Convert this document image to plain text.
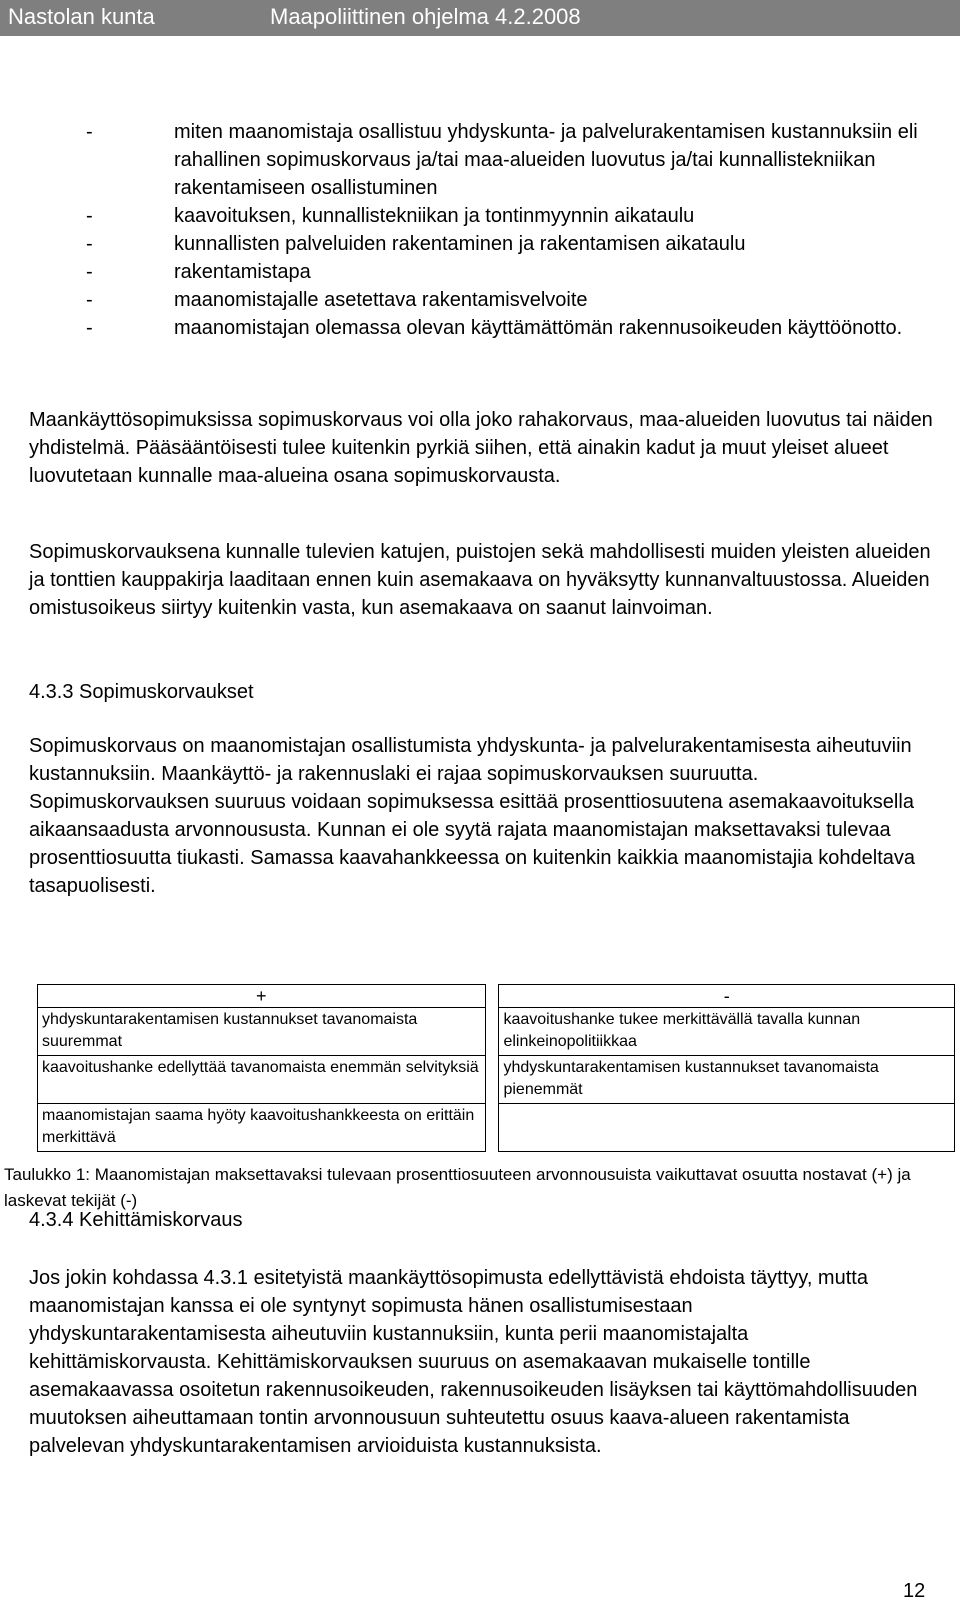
Nastolan kunta	Maapoliittinen ohjelma 4.2.2008
-	miten maanomistaja osallistuu yhdyskunta- ja palvelurakentamisen kustannuksiin eli rahallinen sopimuskorvaus ja/tai maa-alueiden luovutus ja/tai kunnallistekniikan rakentamiseen osallistuminen
-	kaavoituksen, kunnallistekniikan ja tontinmyynnin aikataulu
-	kunnallisten palveluiden rakentaminen ja rakentamisen aikataulu
-	rakentamistapa
-	maanomistajalle asetettava rakentamisvelvoite
-	maanomistajan olemassa olevan käyttämättömän rakennusoikeuden käyttöönotto.

Maankäyttösopimuksissa sopimuskorvaus voi olla joko rahakorvaus, maa-alueiden luovutus tai näiden yhdistelmä. Pääsääntöisesti tulee kuitenkin pyrkiä siihen, että ainakin kadut ja muut yleiset alueet luovutetaan kunnalle maa-alueina osana sopimuskorvausta.

Sopimuskorvauksena kunnalle tulevien katujen, puistojen sekä mahdollisesti muiden yleisten alueiden ja tonttien kauppakirja laaditaan ennen kuin asemakaava on hyväksytty kunnanvaltuustossa. Alueiden omistusoikeus siirtyy kuitenkin vasta, kun asemakaava on saanut lainvoiman.

4.3.3 Sopimuskorvaukset

Sopimuskorvaus on maanomistajan osallistumista yhdyskunta- ja palvelurakentamisesta aiheutuviin kustannuksiin. Maankäyttö- ja rakennuslaki ei rajaa sopimuskorvauksen suuruutta. Sopimuskorvauksen suuruus voidaan sopimuksessa esittää prosenttiosuutena asemakaavoituksella aikaansaadusta arvonnousustа. Kunnan ei ole syytä rajata maanomistajan maksettavaksi tulevaa prosenttiosuutta tiukasti. Samassa kaavahankkeessa on kuitenkin kaikkia maanomistajia kohdeltava tasapuolisesti.

+		-
yhdyskuntarakentamisen kustannukset tavanomaista suuremmat		kaavoitushanke tukee merkittävällä tavalla kunnan elinkeinopolitiikkaa
kaavoitushanke edellyttää tavanomaista enemmän selvityksiä		yhdyskuntarakentamisen kustannukset tavanomaista pienemmät
maanomistajan saama hyöty kaavoitushankkeesta on erittäin merkittävä		

Taulukko 1: Maanomistajan maksettavaksi tulevaan prosenttiosuuteen arvonnousuista vaikuttavat osuutta nostavat (+) ja laskevat tekijät (-)

4.3.4 Kehittämiskorvaus

Jos jokin kohdassa 4.3.1 esitetyistä maankäyttösopimusta edellyttävistä ehdoista täyttyy, mutta maanomistajan kanssa ei ole syntynyt sopimusta hänen osallistumisestaan yhdyskuntarakentamisesta aiheutuviin kustannuksiin, kunta perii maanomistajalta kehittämiskorvausta. Kehittämiskorvauksen suuruus on asemakaavan mukaiselle tontille asemakaavassa osoitetun rakennusoikeuden, rakennusoikeuden lisäyksen tai käyttömahdollisuuden muutoksen aiheuttamaan tontin arvonnousuun suhteutettu osuus kaava-alueen rakentamista palvelevan yhdyskuntarakentamisen arvioiduista kustannuksista.

12
